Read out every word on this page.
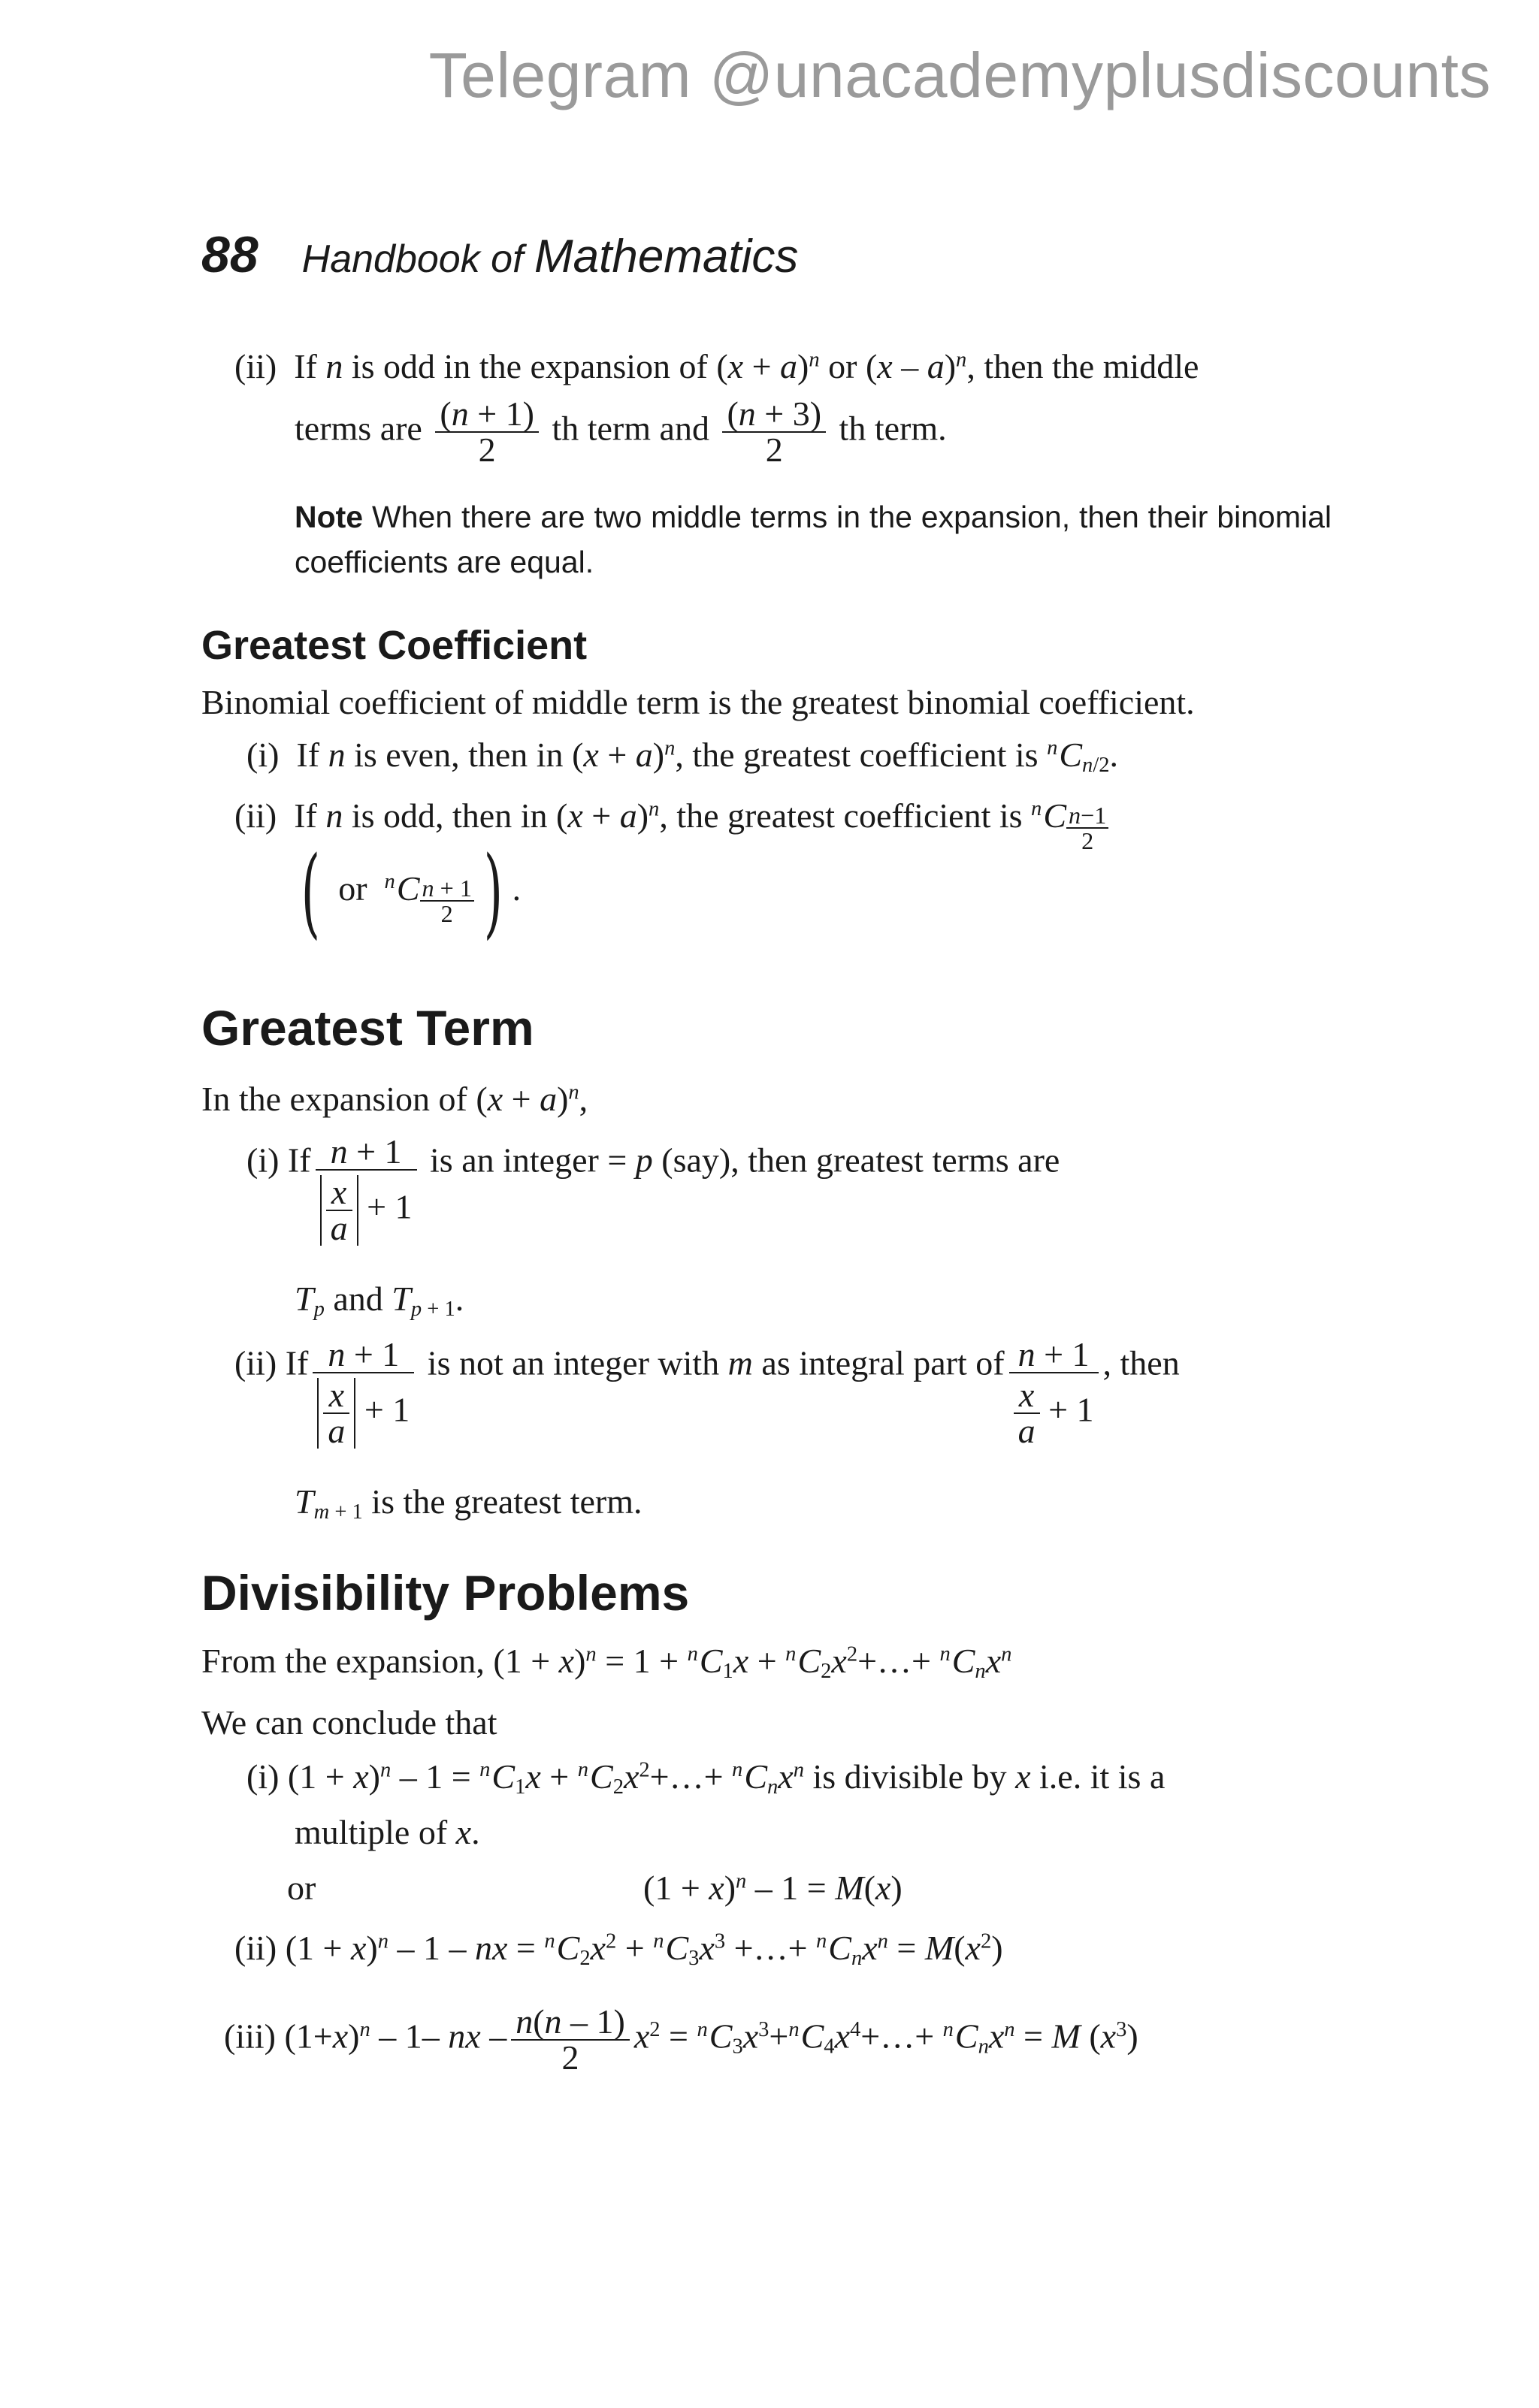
Telegram @unacademyplusdiscounts
88 Handbook of Mathematics
(ii) If n is odd in the expansion of $(x + a)^n$ or (x – a)$^n$, then the middle
terms are $\frac{(n + 1)}{2}$ th term and $\frac{(n + 3)}{2}$ th term.
Note When there are two middle terms in the expansion, then their binomial coefficients are equal.
Greatest Coefficient
Binomial coefficient of middle term is the greatest binomial coefficient.
(i) If n is even, then in $(x + a)^n$, the greatest coefficient is $^nC_{n/2}$.
(ii) If n is odd, then in $(x + a)^n$, the greatest coefficient is $^nC \frac{n-1}{2}$
( or $^nC \frac{n + 1}{2}$ ) .
Greatest Term
In the expansion of $(x + a)^n$,
(i) If $\frac{n + 1}{\frac{x}{a} + 1}$ is an integer = p (say), then greatest terms are
$T_p$ and $T_{p + 1}$.
(ii) If $\frac{n + 1}{\frac{x}{a} + 1}$ is not an integer with m as integral part of $\frac{n + 1}{\frac{x}{a} + 1}$ , then
$T_{m + 1}$ is the greatest term.
Divisibility Problems
From the expansion, $(1 + x)^n = 1 + ^nC_1x$ + $^nC_2x^2+\dots+ ^nC_nx^n$
We can conclude that
(i) $(1 + x)^n - 1 = ^nC_1x$ + $^nC_2x^2+\dots+ ^nC_nx^n$ is divisible by x i.e. it is a
multiple of x.
or	$(1 + x)^n - 1 = M(x)$
(ii) $(1 + x)^n - 1$ – nx = $^nC_2x^2 + ^nC_3x^3$ +…+ $^nC_nx^n = M(x^2)$
(iii) $(1+x)^n - 1-$ nx – $\frac{n(n - 1)}{2} x^2$ = $^nC_3x^3+^nC_4x^4+\dots+ ^nC_nx^n = M$ $(x^3)$
